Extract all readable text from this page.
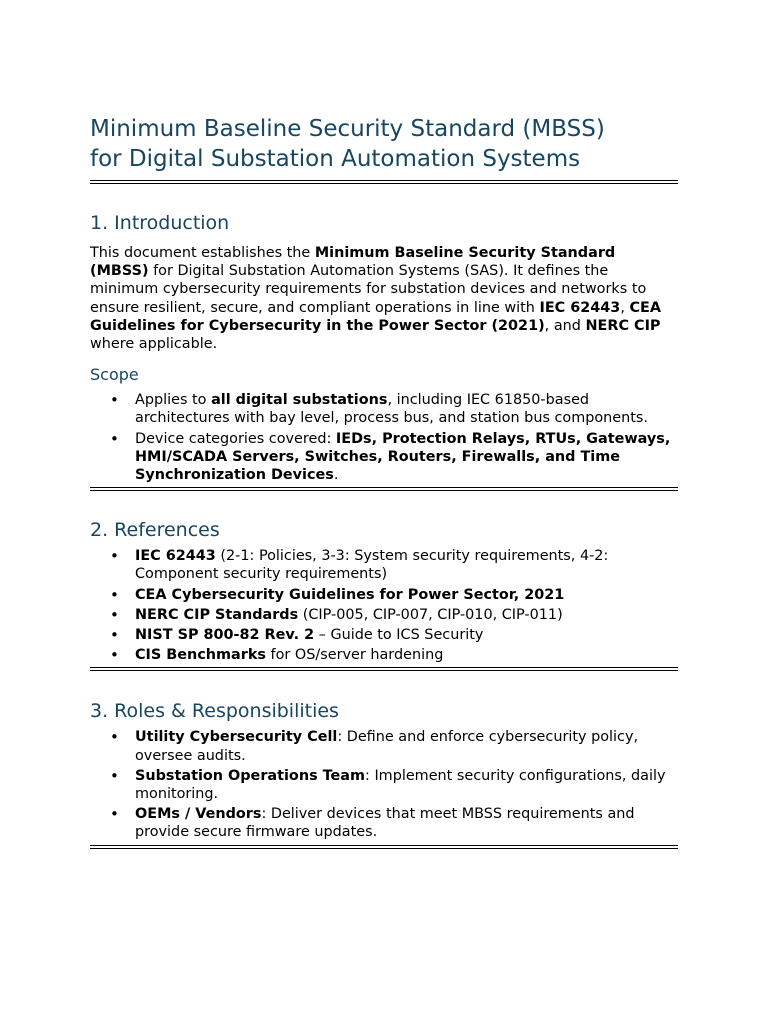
Minimum Baseline Security Standard (MBSS)
for Digital Substation Automation Systems
1. Introduction

This document establishes the Minimum Baseline Security Standard (MBSS) for Digital Substation Automation Systems (SAS). It defines the minimum cybersecurity requirements for substation devices and networks to ensure resilient, secure, and compliant operations in line with IEC 62443, CEA Guidelines for Cybersecurity in the Power Sector (2021), and NERC CIP where applicable.

Scope
• Applies to all digital substations, including IEC 61850-based architectures with bay level, process bus, and station bus components.
• Device categories covered: IEDs, Protection Relays, RTUs, Gateways, HMI/SCADA Servers, Switches, Routers, Firewalls, and Time Synchronization Devices.
2. References
• IEC 62443 (2-1: Policies, 3-3: System security requirements, 4-2: Component security requirements)
• CEA Cybersecurity Guidelines for Power Sector, 2021
• NERC CIP Standards (CIP-005, CIP-007, CIP-010, CIP-011)
• NIST SP 800-82 Rev. 2 – Guide to ICS Security
• CIS Benchmarks for OS/server hardening
3. Roles & Responsibilities
• Utility Cybersecurity Cell: Define and enforce cybersecurity policy, oversee audits.
• Substation Operations Team: Implement security configurations, daily monitoring.
• OEMs / Vendors: Deliver devices that meet MBSS requirements and provide secure firmware updates.
